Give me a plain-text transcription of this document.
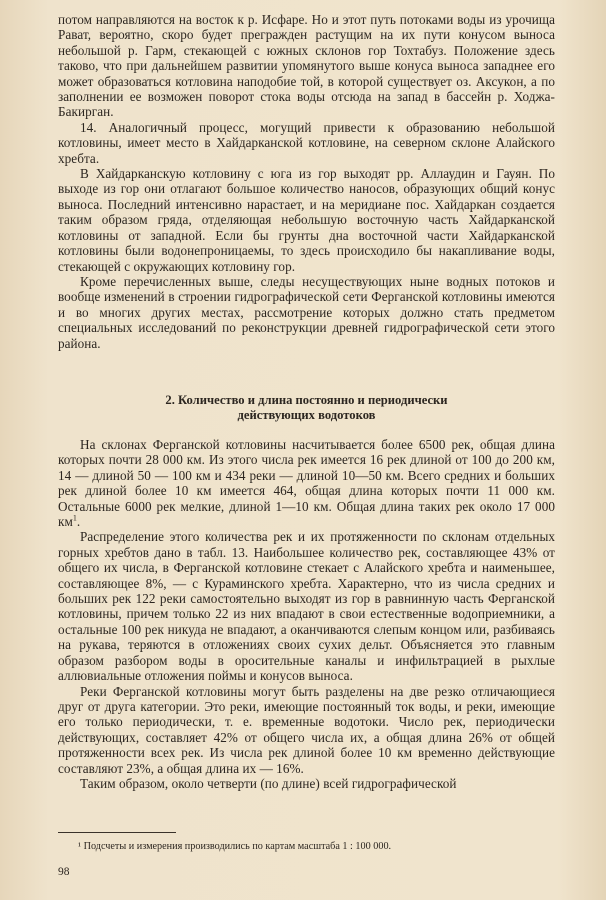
потом направляются на восток к р. Исфаре. Но и этот путь потоками воды из урочища Рават, вероятно, скоро будет прегражден растущим на их пути конусом выноса небольшой р. Гарм, стекающей с южных склонов гор Тохтабуз. Положение здесь таково, что при дальнейшем развитии упомянутого выше конуса выноса западнее его может образоваться котловина наподобие той, в которой существует оз. Аксукон, а по заполнении ее возможен поворот стока воды отсюда на запад в бассейн р. Ходжа-Бакирган.

14. Аналогичный процесс, могущий привести к образованию небольшой котловины, имеет место в Хайдарканской котловине, на северном склоне Алайского хребта.

В Хайдарканскую котловину с юга из гор выходят рр. Аллаудин и Гауян. По выходе из гор они отлагают большое количество наносов, образующих общий конус выноса. Последний интенсивно нарастает, и на меридиане пос. Хайдаркан создается таким образом гряда, отделяющая небольшую восточную часть Хайдарканской котловины от западной. Если бы грунты дна восточной части Хайдарканской котловины были водонепроницаемы, то здесь происходило бы накапливание воды, стекающей с окружающих котловину гор.

Кроме перечисленных выше, следы несуществующих ныне водных потоков и вообще изменений в строении гидрографической сети Ферганской котловины имеются и во многих других местах, рассмотрение которых должно стать предметом специальных исследований по реконструкции древней гидрографической сети этого района.

2. Количество и длина постоянно и периодически
действующих водотоков

На склонах Ферганской котловины насчитывается более 6500 рек, общая длина которых почти 28 000 км. Из этого числа рек имеется 16 рек длиной от 100 до 200 км, 14 — длиной 50 — 100 км и 434 реки — длиной 10—50 км. Всего средних и больших рек длиной более 10 км имеется 464, общая длина которых почти 11 000 км. Остальные 6000 рек мелкие, длиной 1—10 км. Общая длина таких рек около 17 000 $км^1$.

Распределение этого количества рек и их протяженности по склонам отдельных горных хребтов дано в табл. 13. Наибольшее количество рек, составляющее 43% от общего их числа, в Ферганской котловине стекает с Алайского хребта и наименьшее, составляющее 8%, — с Кураминского хребта. Характерно, что из числа средних и больших рек 122 реки самостоятельно выходят из гор в равнинную часть Ферганской котловины, причем только 22 из них впадают в свои естественные водоприемники, а остальные 100 рек никуда не впадают, а оканчиваются слепым концом или, разбиваясь на рукава, теряются в отложениях своих сухих дельт. Объясняется это главным образом разбором воды в оросительные каналы и инфильтрацией в рыхлые аллювиальные отложения поймы и конусов выноса.

Реки Ферганской котловины могут быть разделены на две резко отличающиеся друг от друга категории. Это реки, имеющие постоянный ток воды, и реки, имеющие его только периодически, т. е. временные водотоки. Число рек, периодически действующих, составляет 42% от общего числа их, а общая длина 26% от общей протяженности всех рек. Из числа рек длиной более 10 км временно действующие составляют 23%, а общая длина их — 16%.

Таким образом, около четверти (по длине) всей гидрографической

¹ Подсчеты и измерения производились по картам масштаба 1 : 100 000.
98
